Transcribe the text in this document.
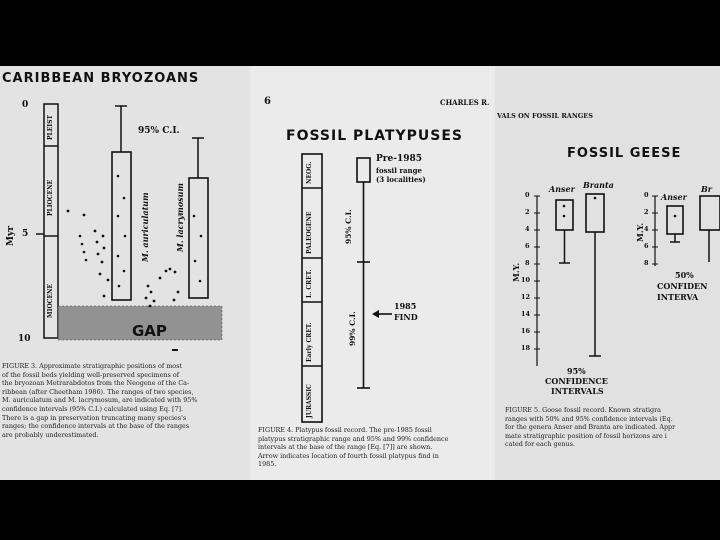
CARIBBEAN BRYOZOANS
Myr
0
5
10
PLEIST
PLIOCENE
MIOCENE
95% C.I.
M. auriculatum	M. lacrymosum
GAP
FIGURE 3. Approximate stratigraphic positions of most
of the fossil beds yielding well-preserved specimens of
the bryozoan Metrarabdotos from the Neogene of the Ca-
ribbean (after Cheetham 1986). The ranges of two species,
M. auriculatum and M. lacrymosum, are indicated with 95%
confidence intervals (95% C.I.) calculated using Eq. [7].
There is a gap in preservation truncating many species's
ranges; the confidence intervals at the base of the ranges
are probably underestimated.
6	CHARLES R.
FOSSIL PLATYPUSES
NEOG.
PALEOGENE
L. CRET.
Early CRET.
JURASSIC
Pre-1985
fossil range
(3 localities)
95% C.I.
99% C.I.
1985
FIND
FIGURE 4. Platypus fossil record. The pre-1985 fossil
platypus stratigraphic range and 95% and 99% confidence
intervals at the base of the range [Eq. [7]] are shown.
Arrow indicates location of fourth fossil platypus find in
1985.
VALS ON FOSSIL RANGES
FOSSIL GEESE
Anser Branta
Anser
Br
M.Y.
M.Y.
0
2
4
6
8
10
12
14
16
18
0
2
4
6
8
95%
CONFIDENCE
INTERVALS
50%
CONFIDEN
INTERVA
FIGURE 5. Goose fossil record. Known stratigra
ranges with 50% and 95% confidence intervals (Eq.
for the genera Anser and Branta are indicated. Appr
mate stratigraphic position of fossil horizons are i
cated for each genus.
